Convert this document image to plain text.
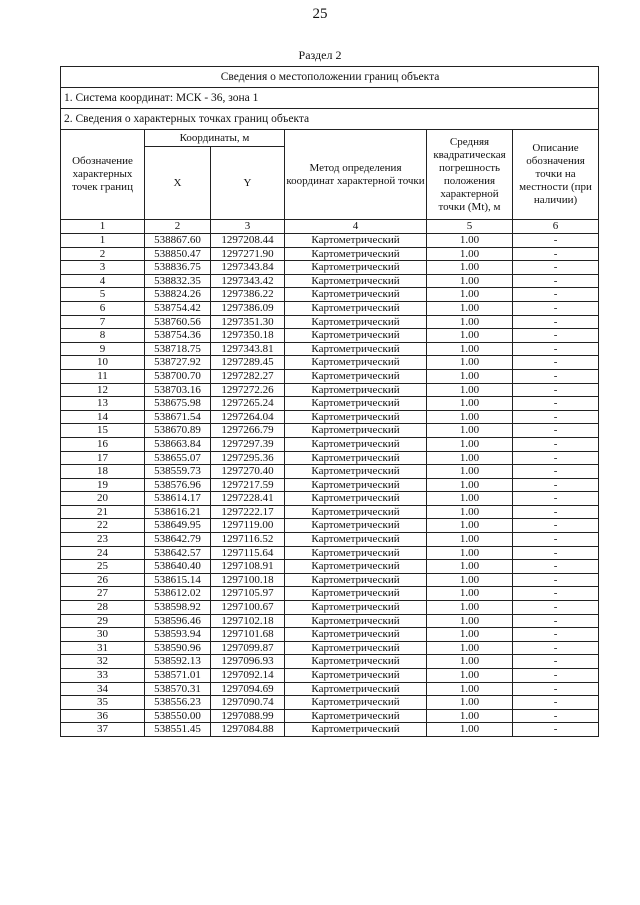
25
Раздел 2
Сведения о местоположении границ объекта					
1. Система координат: МСК - 36, зона 1					
2. Сведения о характерных точках границ объекта					
Обозначение характерных точек границ	Координаты, м		Метод определения координат характерной точки	Средняя квадратическая погрешность положения характерной точки (Mt), м	Описание обозначения точки на местности (при наличии)
	X	Y			
1	2	3	4	5	6
1	538867.60	1297208.44	Картометрический	1.00	-
2	538850.47	1297271.90	Картометрический	1.00	-
3	538836.75	1297343.84	Картометрический	1.00	-
4	538832.35	1297343.42	Картометрический	1.00	-
5	538824.26	1297386.22	Картометрический	1.00	-
6	538754.42	1297386.09	Картометрический	1.00	-
7	538760.56	1297351.30	Картометрический	1.00	-
8	538754.36	1297350.18	Картометрический	1.00	-
9	538718.75	1297343.81	Картометрический	1.00	-
10	538727.92	1297289.45	Картометрический	1.00	-
11	538700.70	1297282.27	Картометрический	1.00	-
12	538703.16	1297272.26	Картометрический	1.00	-
13	538675.98	1297265.24	Картометрический	1.00	-
14	538671.54	1297264.04	Картометрический	1.00	-
15	538670.89	1297266.79	Картометрический	1.00	-
16	538663.84	1297297.39	Картометрический	1.00	-
17	538655.07	1297295.36	Картометрический	1.00	-
18	538559.73	1297270.40	Картометрический	1.00	-
19	538576.96	1297217.59	Картометрический	1.00	-
20	538614.17	1297228.41	Картометрический	1.00	-
21	538616.21	1297222.17	Картометрический	1.00	-
22	538649.95	1297119.00	Картометрический	1.00	-
23	538642.79	1297116.52	Картометрический	1.00	-
24	538642.57	1297115.64	Картометрический	1.00	-
25	538640.40	1297108.91	Картометрический	1.00	-
26	538615.14	1297100.18	Картометрический	1.00	-
27	538612.02	1297105.97	Картометрический	1.00	-
28	538598.92	1297100.67	Картометрический	1.00	-
29	538596.46	1297102.18	Картометрический	1.00	-
30	538593.94	1297101.68	Картометрический	1.00	-
31	538590.96	1297099.87	Картометрический	1.00	-
32	538592.13	1297096.93	Картометрический	1.00	-
33	538571.01	1297092.14	Картометрический	1.00	-
34	538570.31	1297094.69	Картометрический	1.00	-
35	538556.23	1297090.74	Картометрический	1.00	-
36	538550.00	1297088.99	Картометрический	1.00	-
37	538551.45	1297084.88	Картометрический	1.00	-
